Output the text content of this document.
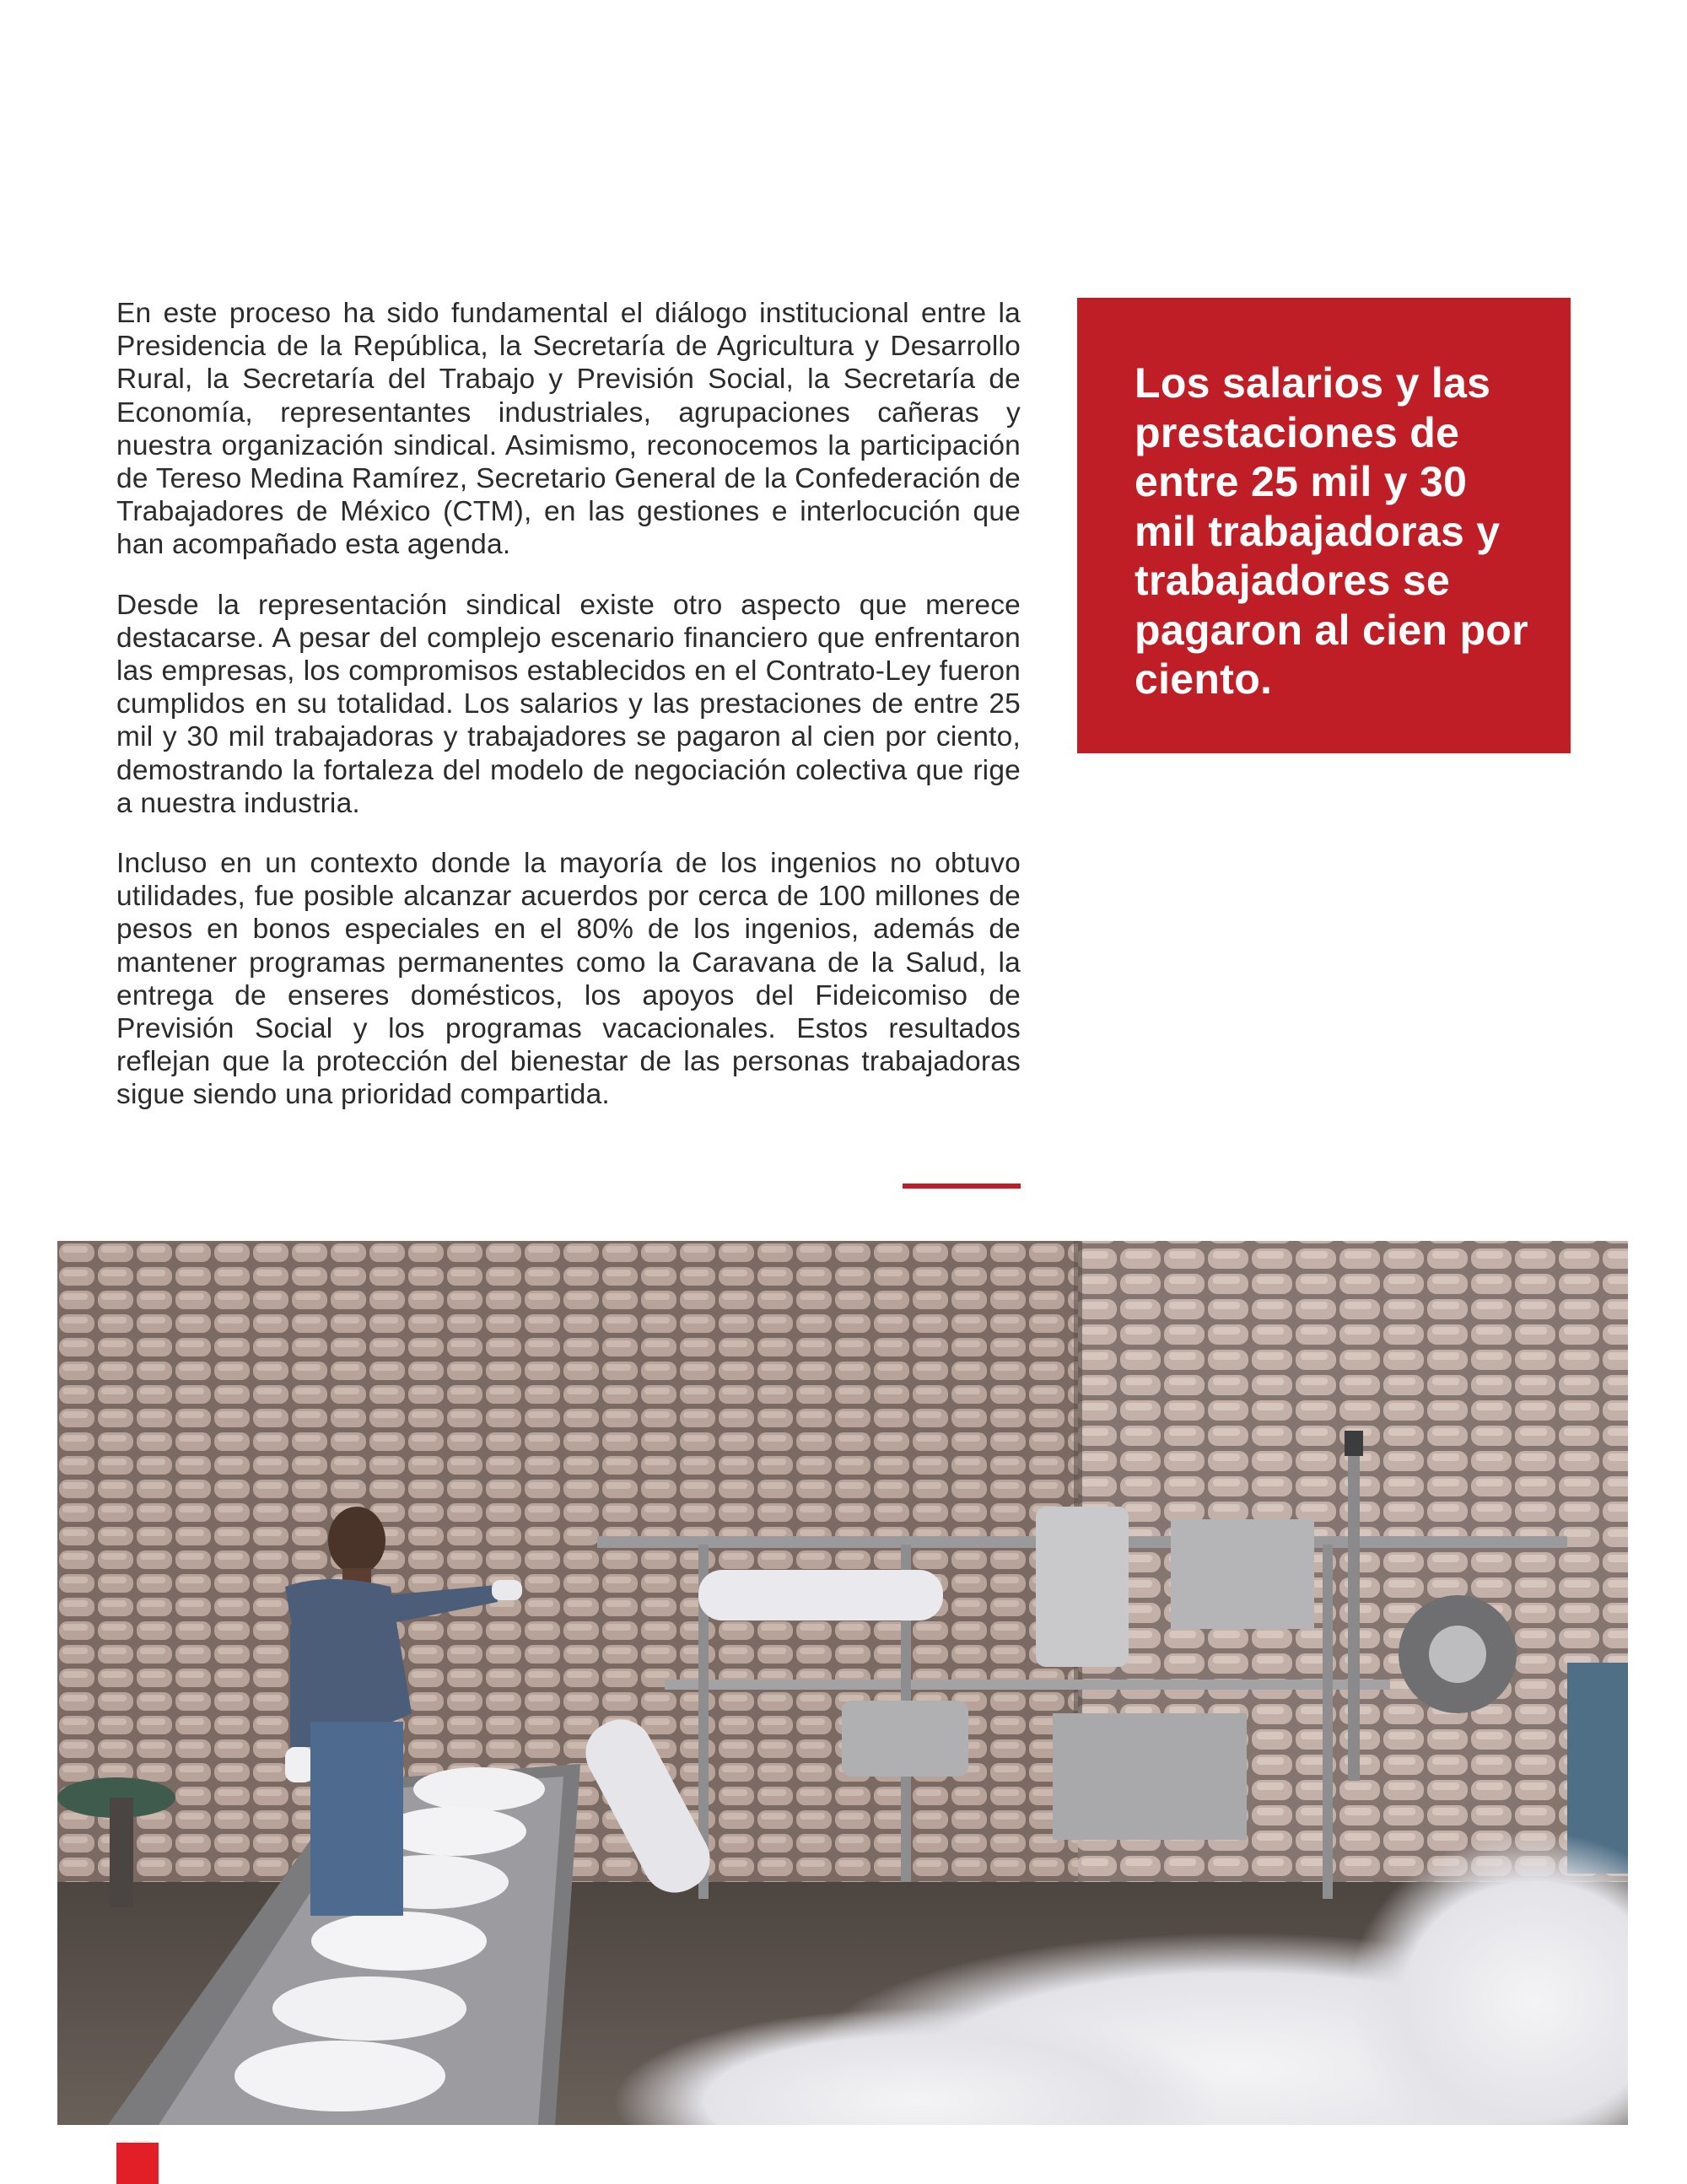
En este proceso ha sido fundamental el diálogo institucional entre la Presidencia de la República, la Secretaría de Agricultura y Desarrollo Rural, la Secretaría del Trabajo y Previsión Social, la Secretaría de Economía, representantes industriales, agrupaciones cañeras y nuestra organización sindical. Asimismo, reconocemos la participación de Tereso Medina Ramírez, Secretario General de la Confederación de Trabajadores de México (CTM), en las gestiones e interlocución que han acompañado esta agenda.

Desde la representación sindical existe otro aspecto que merece destacarse. A pesar del complejo escenario financiero que enfrentaron las empresas, los compromisos establecidos en el Contrato-Ley fueron cumplidos en su totalidad. Los salarios y las prestaciones de entre 25 mil y 30 mil trabajadoras y trabajadores se pagaron al cien por ciento, demostrando la fortaleza del modelo de negociación colectiva que rige a nuestra industria.

Incluso en un contexto donde la mayoría de los ingenios no obtuvo utilidades, fue posible alcanzar acuerdos por cerca de 100 millones de pesos en bonos especiales en el 80% de los ingenios, además de mantener programas permanentes como la Caravana de la Salud, la entrega de enseres domésticos, los apoyos del Fideicomiso de Previsión Social y los programas vacacionales. Estos resultados reflejan que la protección del bienestar de las personas trabajadoras sigue siendo una prioridad compartida.

Los salarios y las prestaciones de entre 25 mil y 30 mil trabajadoras y trabajadores se pagaron al cien por ciento.
